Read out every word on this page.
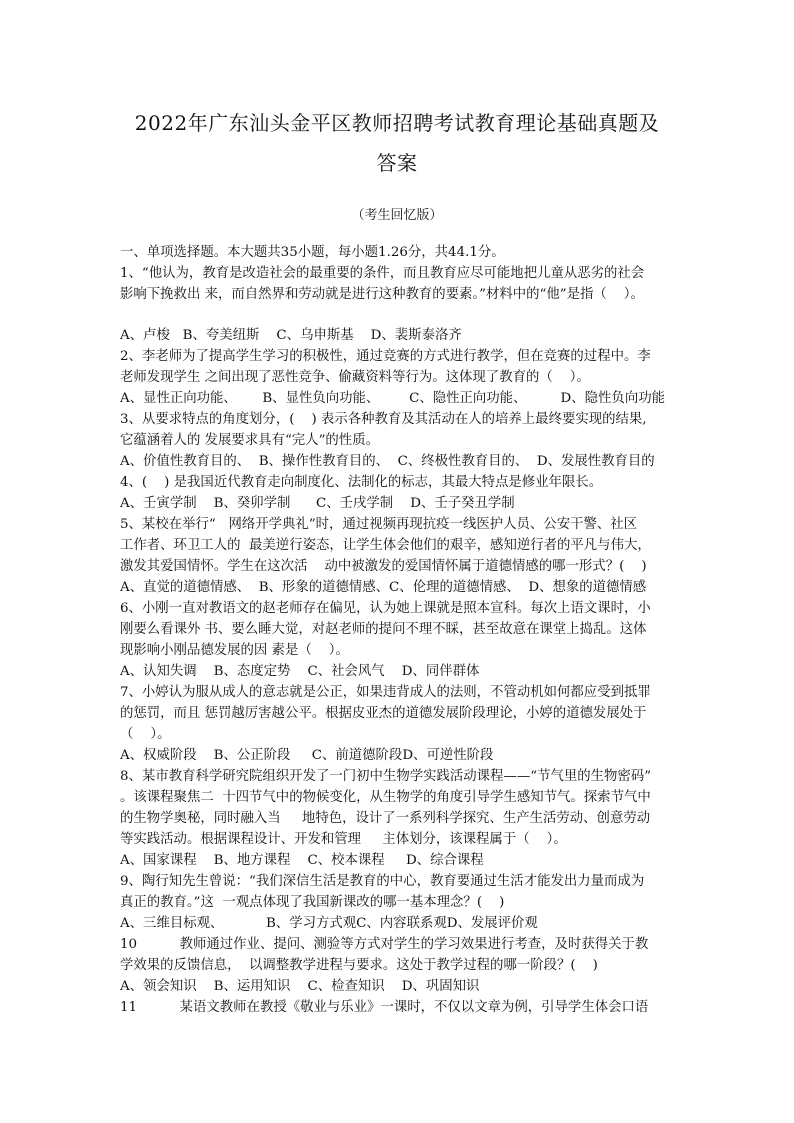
2022年广东汕头金平区教师招聘考试教育理论基础真题及
答案
（考生回忆版）
一、单项选择题。本大题共35小题，每小题1.26分，共44.1分。
1、“他认为，教育是改造社会的最重要的条件，而且教育应尽可能地把儿童从恶劣的社会
影响下挽救出 来，而自然界和劳动就是进行这种教育的要素。”材料中的“他”是指（    ）。
A、卢梭   B、夸美纽斯    C、乌申斯基    D、裴斯泰洛齐
2、李老师为了提高学生学习的积极性，通过竞赛的方式进行教学，但在竞赛的过程中。李
老师发现学生 之间出现了恶性竞争、偷藏资料等行为。这体现了教育的（    ）。
A、显性正向功能、      B、显性负向功能、       C、隐性正向功能、        D、隐性负向功能
3、从要求特点的角度划分，(    ) 表示各种教育及其活动在人的培养上最终要实现的结果,
它蕴涵着人的 发展要求具有“完人”的性质。
A、价值性教育目的、  B、操作性教育目的、  C、终极性教育目的、  D、发展性教育目的
4、(    ) 是我国近代教育走向制度化、法制化的标志，其最大特点是修业年限长。
A、壬寅学制    B、癸卯学制      C、壬戌学制    D、壬子癸丑学制
5、某校在举行“   网络开学典礼”时，通过视频再现抗疫一线医护人员、公安干警、社区
工作者、环卫工人的  最美逆行姿态，让学生体会他们的艰辛，感知逆行者的平凡与伟大，
激发其爱国情怀。学生在这次活    动中被激发的爱国情怀属于道德情感的哪一形式？(    )
A、直觉的道德情感、  B、形象的道德情感、C、伦理的道德情感、  D、想象的道德情感
6、小刚一直对教语文的赵老师存在偏见，认为她上课就是照本宣科。每次上语文课时，小
刚要么看课外 书、要么睡大觉，对赵老师的提问不理不睬，甚至故意在课堂上捣乱。这体
现影响小刚品德发展的因 素是（    ）。
A、认知失调    B、态度定势    C、社会风气    D、同伴群体
7、小婷认为服从成人的意志就是公正，如果违背成人的法则，不管动机如何都应受到抵罪
的惩罚，而且 惩罚越厉害越公平。根据皮亚杰的道德发展阶段理论，小婷的道德发展处于
（    ）。
A、权威阶段    B、公正阶段     C、前道德阶段D、可逆性阶段
8、某市教育科学研究院组织开发了一门初中生物学实践活动课程——“节气里的生物密码”
。该课程聚焦二  十四节气中的物候变化，从生物学的角度引导学生感知节气。探索节气中
的生物学奥秘，同时融入当     地特色，设计了一系列科学探究、生产生活劳动、创意劳动
等实践活动。根据课程设计、开发和管理     主体划分，该课程属于（    ）。
A、国家课程    B、地方课程    C、校本课程     D、综合课程
9、陶行知先生曾说：“我们深信生活是教育的中心，教育要通过生活才能发出力量而成为
真正的教育。”这  一观点体现了我国新课改的哪一基本理念？(    )
A、三维目标观、          B、学习方式观C、内容联系观D、发展评价观
10          教师通过作业、提问、测验等方式对学生的学习效果进行考查，及时获得关于教
学效果的反馈信息，  以调整教学进程与要求。这处于教学过程的哪一阶段？(    )
A、领会知识    B、运用知识    C、检查知识    D、巩固知识
11          某语文教师在教授《敬业与乐业》一课时，不仅以文章为例，引导学生体会口语
